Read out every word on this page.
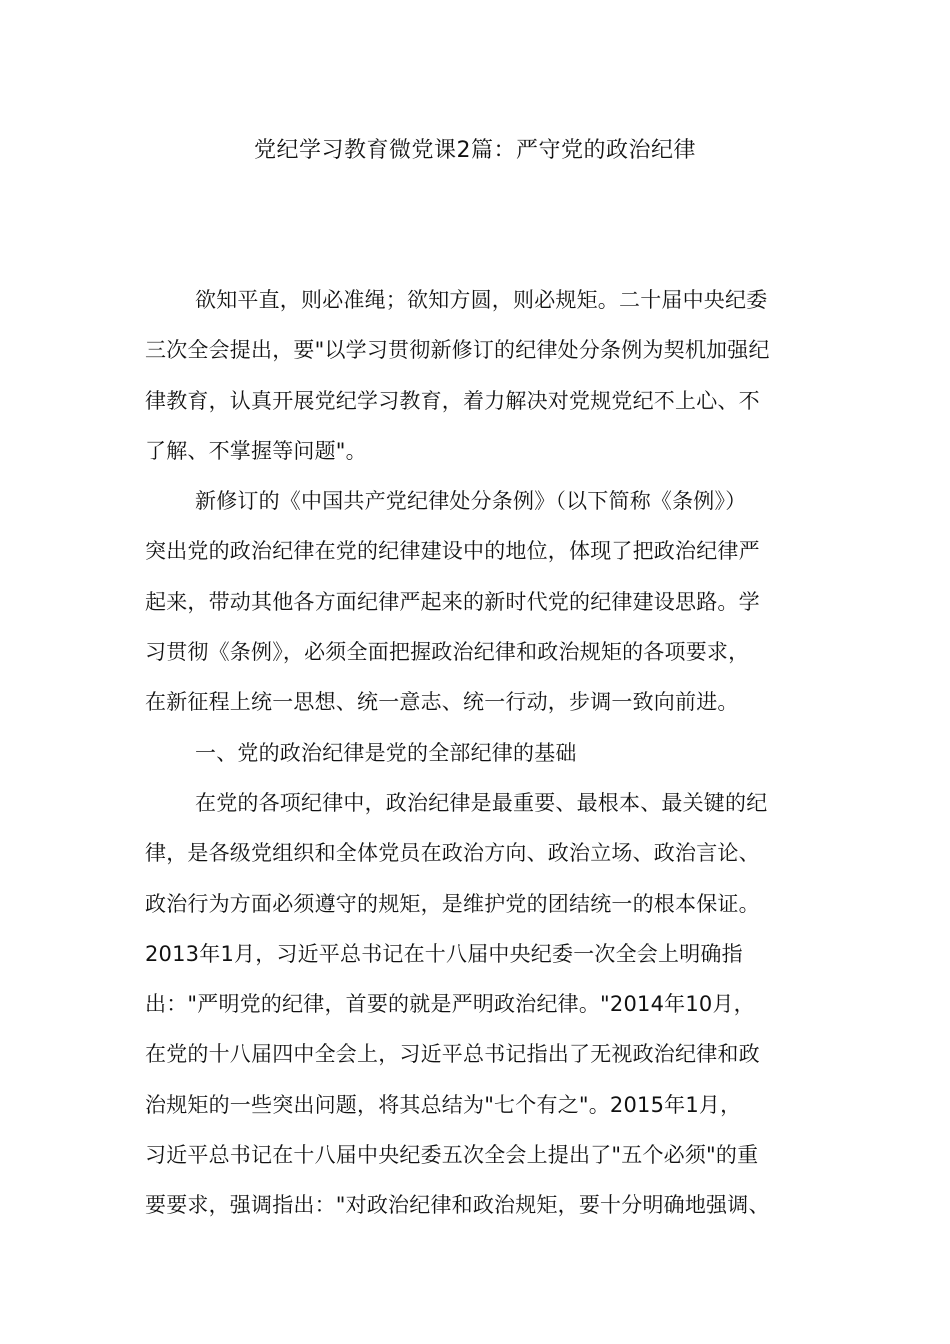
党纪学习教育微党课2篇：严守党的政治纪律
欲知平直，则必准绳；欲知方圆，则必规矩。二十届中央纪委
三次全会提出，要"以学习贯彻新修订的纪律处分条例为契机加强纪
律教育，认真开展党纪学习教育，着力解决对党规党纪不上心、不
了解、不掌握等问题"。
新修订的《中国共产党纪律处分条例》（以下简称《条例》）
突出党的政治纪律在党的纪律建设中的地位，体现了把政治纪律严
起来，带动其他各方面纪律严起来的新时代党的纪律建设思路。学
习贯彻《条例》，必须全面把握政治纪律和政治规矩的各项要求，
在新征程上统一思想、统一意志、统一行动，步调一致向前进。
一、党的政治纪律是党的全部纪律的基础
在党的各项纪律中，政治纪律是最重要、最根本、最关键的纪
律，是各级党组织和全体党员在政治方向、政治立场、政治言论、
政治行为方面必须遵守的规矩，是维护党的团结统一的根本保证。
2013年1月，习近平总书记在十八届中央纪委一次全会上明确指
出："严明党的纪律，首要的就是严明政治纪律。"2014年10月，
在党的十八届四中全会上，习近平总书记指出了无视政治纪律和政
治规矩的一些突出问题，将其总结为"七个有之"。2015年1月，
习近平总书记在十八届中央纪委五次全会上提出了"五个必须"的重
要要求，强调指出："对政治纪律和政治规矩，要十分明确地强调、
